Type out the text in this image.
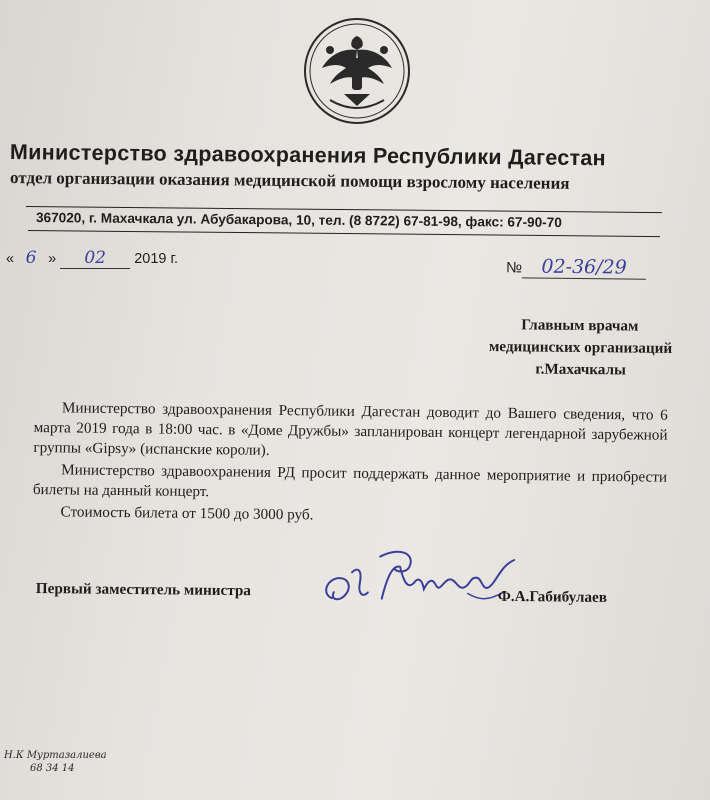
Министерство здравоохранения Республики Дагестан
отдел организации оказания медицинской помощи взрослому населения
367020, г. Махачкала ул. Абубакарова, 10, тел. (8 8722) 67-81-98, факс: 67-90-70
« 6 » 02 2019 г.
№ 02-36/29
Главным врачам
медицинских организаций
г.Махачкалы

Министерство здравоохранения Республики Дагестан доводит до Вашего сведения, что 6 марта 2019 года в 18:00 час. в «Доме Дружбы» запланирован концерт легендарной зарубежной группы «Gipsy» (испанские короли).

Министерство здравоохранения РД просит поддержать данное мероприятие и приобрести билеты на данный концерт.

Стоимость билета от 1500 до 3000 руб.

Первый заместитель министра	Ф.А.Габибулаев
Н.К Муртазалиева
68 34 14
